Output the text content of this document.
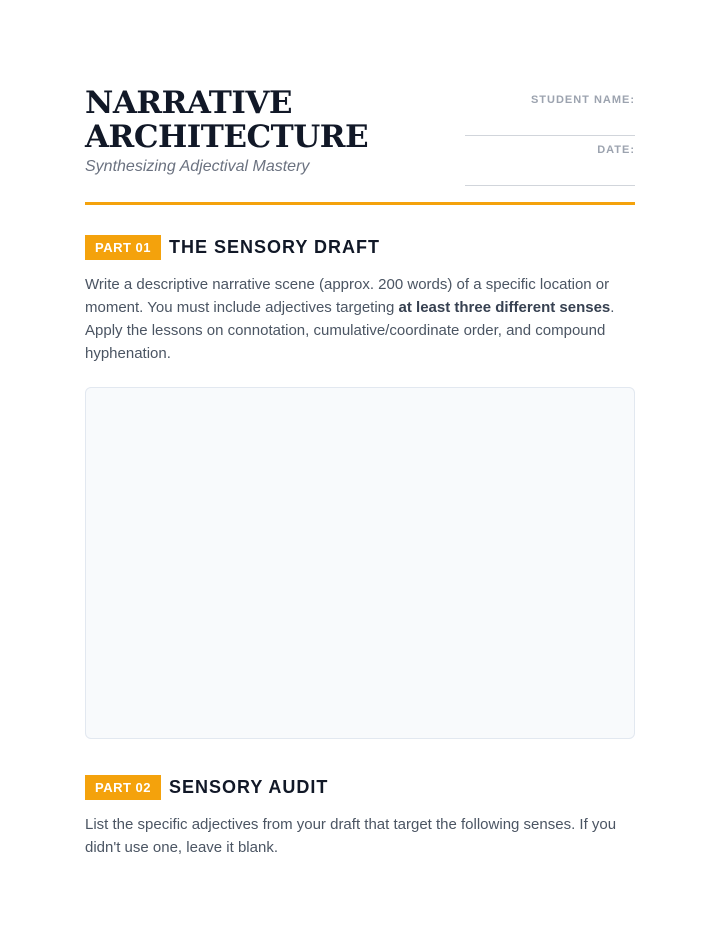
NARRATIVE
ARCHITECTURE
Synthesizing Adjectival Mastery
STUDENT NAME:
DATE:
PART 01	THE SENSORY DRAFT

Write a descriptive narrative scene (approx. 200 words) of a specific location or moment. You must include adjectives targeting at least three different senses. Apply the lessons on connotation, cumulative/coordinate order, and compound hyphenation.

PART 02	SENSORY AUDIT

List the specific adjectives from your draft that target the following senses. If you didn't use one, leave it blank.
